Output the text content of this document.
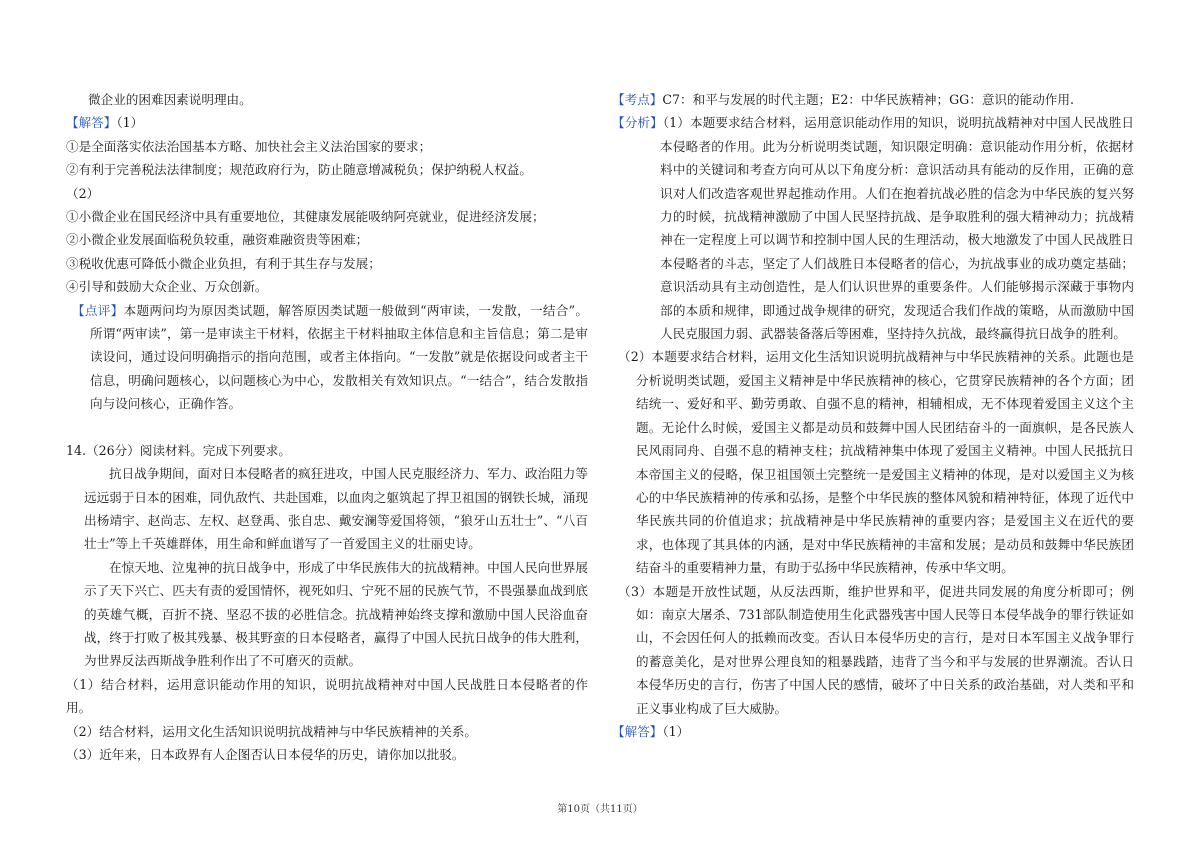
微企业的困难因素说明理由。

【解答】（1）

①是全面落实依法治国基本方略、加快社会主义法治国家的要求；

②有利于完善税法法律制度；规范政府行为，防止随意增减税负；保护纳税人权益。

（2）

①小微企业在国民经济中具有重要地位，其健康发展能吸纳阿亮就业，促进经济发展；

②小微企业发展面临税负较重，融资难融资贵等困难；

③税收优惠可降低小微企业负担，有利于其生存与发展；

④引导和鼓励大众企业、万众创新。

【点评】本题两问均为原因类试题，解答原因类试题一般做到“两审读，一发散，一结合”。所谓“两审读”，第一是审读主干材料，依据主干材料抽取主体信息和主旨信息；第二是审读设问，通过设问明确指示的指向范围，或者主体指向。“一发散”就是依据设问或者主干信息，明确问题核心，以问题核心为中心，发散相关有效知识点。“一结合”，结合发散指向与设问核心，正确作答。

14.（26分）阅读材料。完成下列要求。

抗日战争期间，面对日本侵略者的疯狂进攻，中国人民克服经济力、军力、政治阻力等远远弱于日本的困难，同仇敌忾、共赴国难，以血肉之躯筑起了捍卫祖国的钢铁长城，涌现出杨靖宇、赵尚志、左权、赵登禹、张自忠、戴安澜等爱国将领，“狼牙山五壮士”、“八百壮士”等上千英雄群体，用生命和鲜血谱写了一首爱国主义的壮丽史诗。

在惊天地、泣鬼神的抗日战争中，形成了中华民族伟大的抗战精神。中国人民向世界展示了天下兴亡、匹夫有责的爱国情怀，视死如归、宁死不屈的民族气节，不畏强暴血战到底的英雄气概，百折不挠、坚忍不拔的必胜信念。抗战精神始终支撑和激励中国人民浴血奋战，终于打败了极其残暴、极其野蛮的日本侵略者，赢得了中国人民抗日战争的伟大胜利，为世界反法西斯战争胜利作出了不可磨灭的贡献。

（1）结合材料，运用意识能动作用的知识，说明抗战精神对中国人民战胜日本侵略者的作用。

（2）结合材料，运用文化生活知识说明抗战精神与中华民族精神的关系。

（3）近年来，日本政界有人企图否认日本侵华的历史，请你加以批驳。

【考点】C7：和平与发展的时代主题；E2：中华民族精神；GG：意识的能动作用.

【分析】（1）本题要求结合材料，运用意识能动作用的知识，说明抗战精神对中国人民战胜日本侵略者的作用。此为分析说明类试题，知识限定明确：意识能动作用分析，依据材料中的关键词和考查方向可从以下角度分析：意识活动具有能动的反作用，正确的意识对人们改造客观世界起推动作用。人们在抱着抗战必胜的信念为中华民族的复兴努力的时候，抗战精神激励了中国人民坚持抗战、是争取胜利的强大精神动力；抗战精神在一定程度上可以调节和控制中国人民的生理活动，极大地激发了中国人民战胜日本侵略者的斗志，坚定了人们战胜日本侵略者的信心，为抗战事业的成功奠定基础；意识活动具有主动创造性，是人们认识世界的重要条件。人们能够揭示深藏于事物内部的本质和规律，即通过战争规律的研究，发现适合我们作战的策略，从而激励中国人民克服国力弱、武器装备落后等困难，坚持持久抗战，最终赢得抗日战争的胜利。

（2）本题要求结合材料，运用文化生活知识说明抗战精神与中华民族精神的关系。此题也是分析说明类试题，爱国主义精神是中华民族精神的核心，它贯穿民族精神的各个方面；团结统一、爱好和平、勤劳勇敢、自强不息的精神，相辅相成，无不体现着爱国主义这个主题。无论什么时候，爱国主义都是动员和鼓舞中国人民团结奋斗的一面旗帜，是各民族人民风雨同舟、自强不息的精神支柱；抗战精神集中体现了爱国主义精神。中国人民抵抗日本帝国主义的侵略，保卫祖国领土完整统一是爱国主义精神的体现，是对以爱国主义为核心的中华民族精神的传承和弘扬，是整个中华民族的整体风貌和精神特征，体现了近代中华民族共同的价值追求；抗战精神是中华民族精神的重要内容；是爱国主义在近代的要求，也体现了其具体的内涵，是对中华民族精神的丰富和发展；是动员和鼓舞中华民族团结奋斗的重要精神力量，有助于弘扬中华民族精神，传承中华文明。

（3）本题是开放性试题，从反法西斯，维护世界和平，促进共同发展的角度分析即可；例如：南京大屠杀、731部队制造使用生化武器残害中国人民等日本侵华战争的罪行铁证如山，不会因任何人的抵赖而改变。否认日本侵华历史的言行，是对日本军国主义战争罪行的蓄意美化，是对世界公理良知的粗暴践踏，违背了当今和平与发展的世界潮流。否认日本侵华历史的言行，伤害了中国人民的感情，破坏了中日关系的政治基础，对人类和平和正义事业构成了巨大威胁。

【解答】（1）

第10页（共11页）
